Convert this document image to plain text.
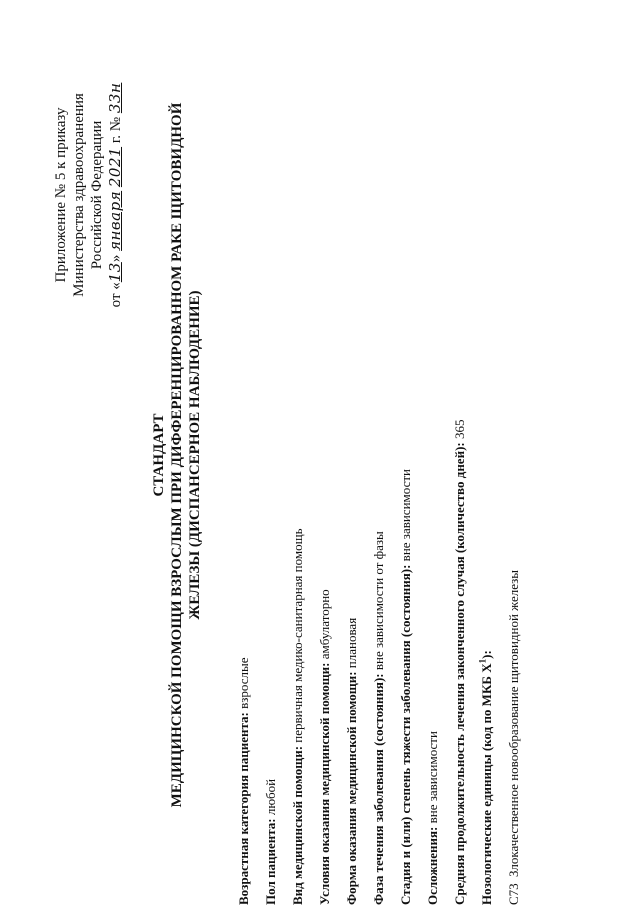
Приложение № 5 к приказу Министерства здравоохранения Российской Федерации
от «13» января 2021 г. № 33н
СТАНДАРТ МЕДИЦИНСКОЙ ПОМОЩИ ВЗРОСЛЫМ ПРИ ДИФФЕРЕНЦИРОВАННОМ РАКЕ ЩИТОВИДНОЙ ЖЕЛЕЗЫ (ДИСПАНСЕРНОЕ НАБЛЮДЕНИЕ)
Возрастная категория пациента: взрослые
Пол пациента: любой Вид медицинской помощи: первичная медико-санитарная помощь
Условия оказания медицинской помощи: амбулаторно
Форма оказания медицинской помощи: плановая
Фаза течения заболевания (состояния): вне зависимости от фазы Стадия и (или) степень тяжести заболевания (состояния): вне зависимости
Осложнения: вне зависимости Средняя продолжительность лечения законченного случая (количество дней): 365
Нозологические единицы (код по МКБ $X^1$):
C73Злокачественное новообразование щитовидной железы
